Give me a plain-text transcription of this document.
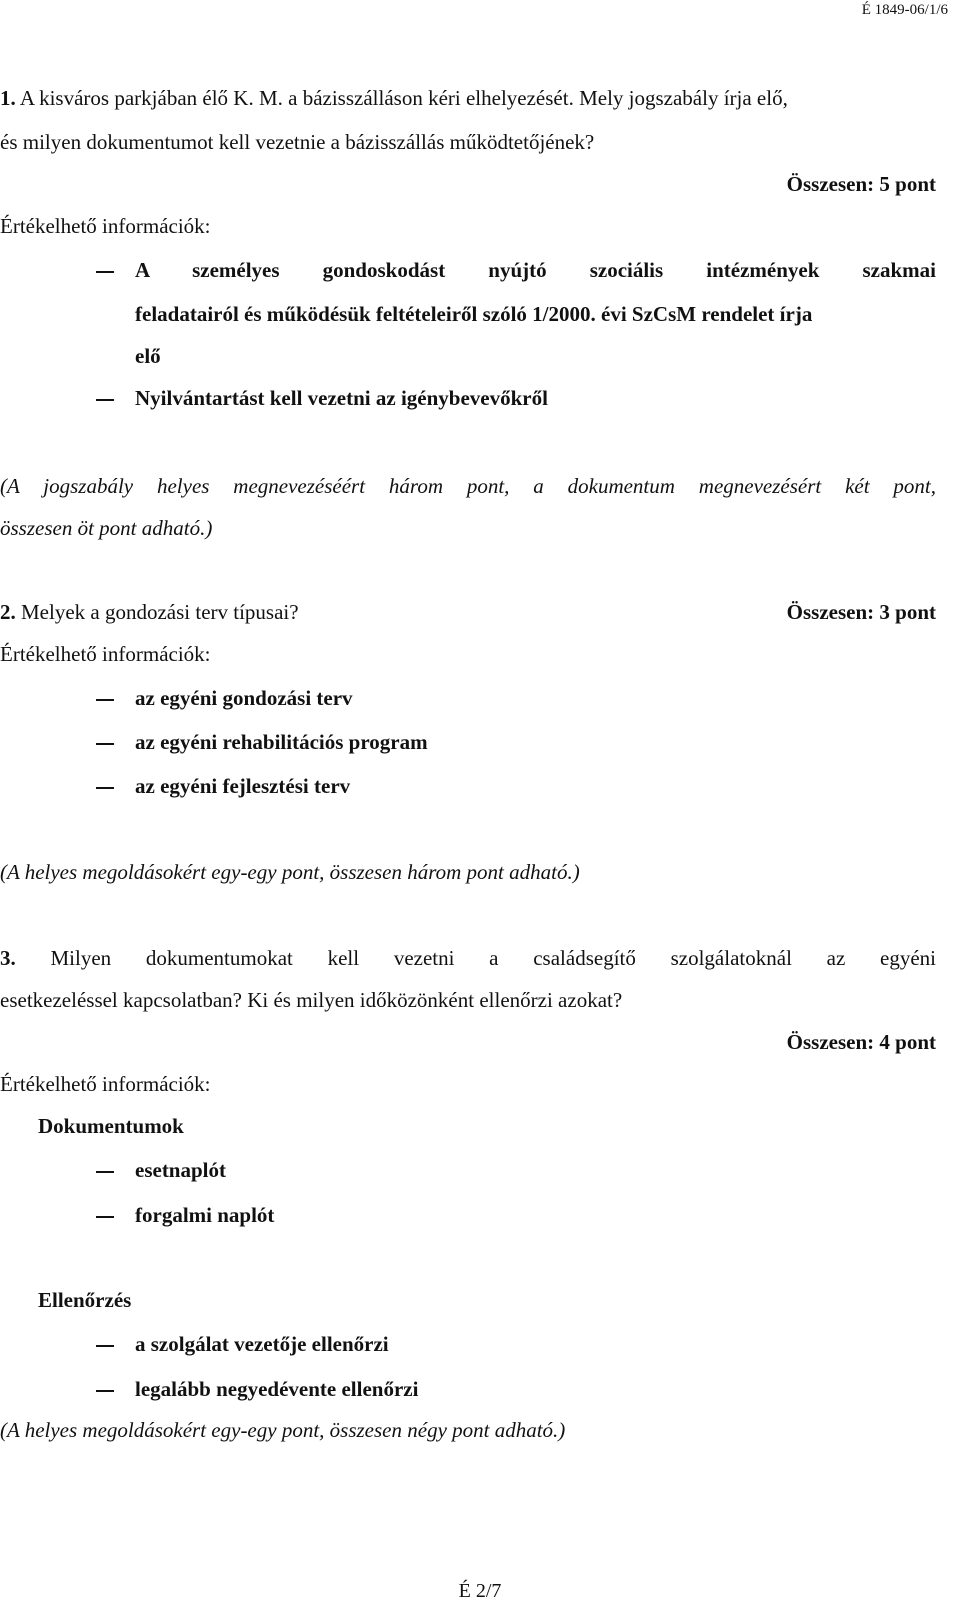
É 1849-06/1/6
1. A kisváros parkjában élő K. M. a bázisszálláson kéri elhelyezését. Mely jogszabály írja elő,
és milyen dokumentumot kell vezetnie a bázisszállás működtetőjének?
Összesen: 5 pont
Értékelhető információk:
A személyes gondoskodást nyújtó szociális intézmények szakmai
feladatairól és működésük feltételeiről szóló 1/2000. évi SzCsM rendelet írja
elő
Nyilvántartást kell vezetni az igénybevevőkről
(A jogszabály helyes megnevezéséért három pont, a dokumentum megnevezésért két pont,
összesen öt pont adható.)
2. Melyek a gondozási terv típusai?	Összesen: 3 pont
Értékelhető információk:
az egyéni gondozási terv
az egyéni rehabilitációs program
az egyéni fejlesztési terv
(A helyes megoldásokért egy-egy pont, összesen három pont adható.)
3. Milyen dokumentumokat kell vezetni a családsegítő szolgálatoknál az egyéni
esetkezeléssel kapcsolatban? Ki és milyen időközönként ellenőrzi azokat?
Összesen: 4 pont
Értékelhető információk:
Dokumentumok
esetnaplót
forgalmi naplót
Ellenőrzés
a szolgálat vezetője ellenőrzi
legalább negyedévente ellenőrzi
(A helyes megoldásokért egy-egy pont, összesen négy pont adható.)
É 2/7
